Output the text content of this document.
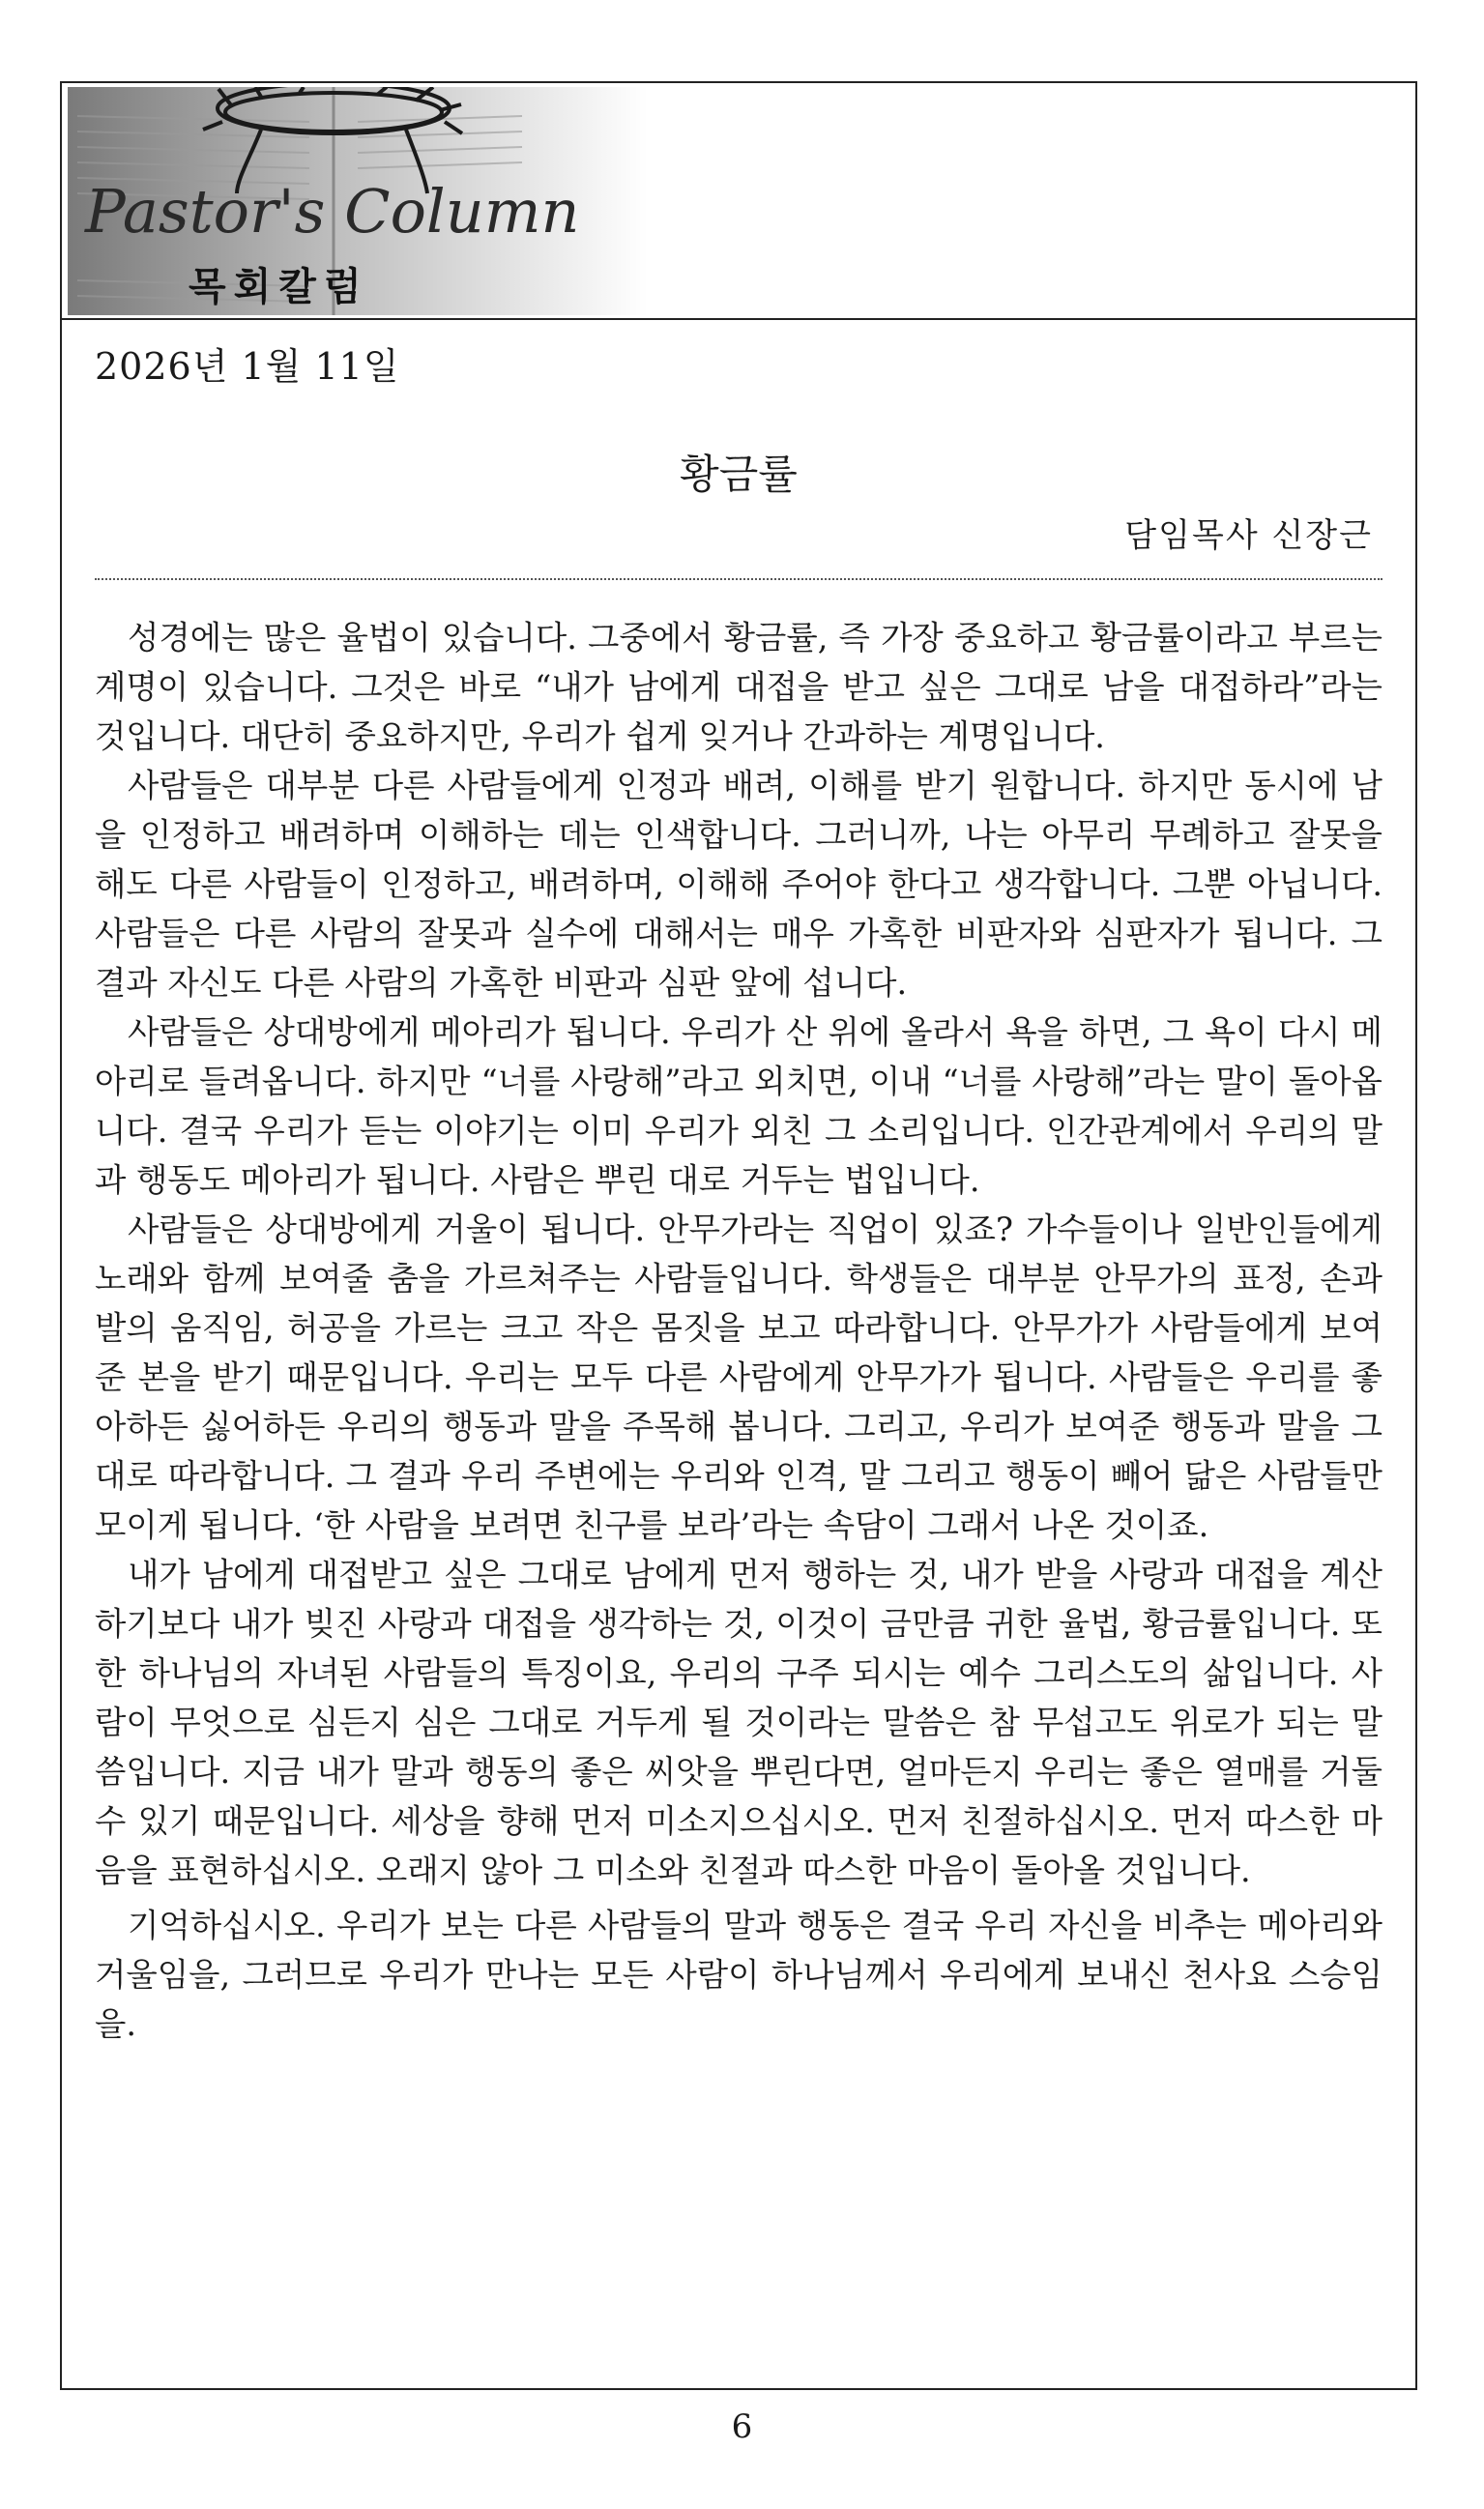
Pastor's Column
목회칼럼
2026년 1월 11일
황금률
담임목사 신장근

성경에는 많은 율법이 있습니다. 그중에서 황금률, 즉 가장 중요하고 황금률이라고 부르는 계명이 있습니다. 그것은 바로 “내가 남에게 대접을 받고 싶은 그대로 남을 대접하라”라는 것입니다. 대단히 중요하지만, 우리가 쉽게 잊거나 간과하는 계명입니다.

사람들은 대부분 다른 사람들에게 인정과 배려, 이해를 받기 원합니다. 하지만 동시에 남을 인정하고 배려하며 이해하는 데는 인색합니다. 그러니까, 나는 아무리 무례하고 잘못을 해도 다른 사람들이 인정하고, 배려하며, 이해해 주어야 한다고 생각합니다. 그뿐 아닙니다. 사람들은 다른 사람의 잘못과 실수에 대해서는 매우 가혹한 비판자와 심판자가 됩니다. 그 결과 자신도 다른 사람의 가혹한 비판과 심판 앞에 섭니다.

사람들은 상대방에게 메아리가 됩니다. 우리가 산 위에 올라서 욕을 하면, 그 욕이 다시 메아리로 들려옵니다. 하지만 “너를 사랑해”라고 외치면, 이내 “너를 사랑해”라는 말이 돌아옵니다. 결국 우리가 듣는 이야기는 이미 우리가 외친 그 소리입니다. 인간관계에서 우리의 말과 행동도 메아리가 됩니다. 사람은 뿌린 대로 거두는 법입니다.

사람들은 상대방에게 거울이 됩니다. 안무가라는 직업이 있죠? 가수들이나 일반인들에게 노래와 함께 보여줄 춤을 가르쳐주는 사람들입니다. 학생들은 대부분 안무가의 표정, 손과 발의 움직임, 허공을 가르는 크고 작은 몸짓을 보고 따라합니다. 안무가가 사람들에게 보여준 본을 받기 때문입니다. 우리는 모두 다른 사람에게 안무가가 됩니다. 사람들은 우리를 좋아하든 싫어하든 우리의 행동과 말을 주목해 봅니다. 그리고, 우리가 보여준 행동과 말을 그대로 따라합니다. 그 결과 우리 주변에는 우리와 인격, 말 그리고 행동이 빼어 닮은 사람들만 모이게 됩니다. ‘한 사람을 보려면 친구를 보라’라는 속담이 그래서 나온 것이죠.

내가 남에게 대접받고 싶은 그대로 남에게 먼저 행하는 것, 내가 받을 사랑과 대접을 계산하기보다 내가 빚진 사랑과 대접을 생각하는 것, 이것이 금만큼 귀한 율법, 황금률입니다. 또한 하나님의 자녀된 사람들의 특징이요, 우리의 구주 되시는 예수 그리스도의 삶입니다. 사람이 무엇으로 심든지 심은 그대로 거두게 될 것이라는 말씀은 참 무섭고도 위로가 되는 말씀입니다. 지금 내가 말과 행동의 좋은 씨앗을 뿌린다면, 얼마든지 우리는 좋은 열매를 거둘 수 있기 때문입니다. 세상을 향해 먼저 미소지으십시오. 먼저 친절하십시오. 먼저 따스한 마음을 표현하십시오. 오래지 않아 그 미소와 친절과 따스한 마음이 돌아올 것입니다.

기억하십시오. 우리가 보는 다른 사람들의 말과 행동은 결국 우리 자신을 비추는 메아리와 거울임을, 그러므로 우리가 만나는 모든 사람이 하나님께서 우리에게 보내신 천사요 스승임을.

6
